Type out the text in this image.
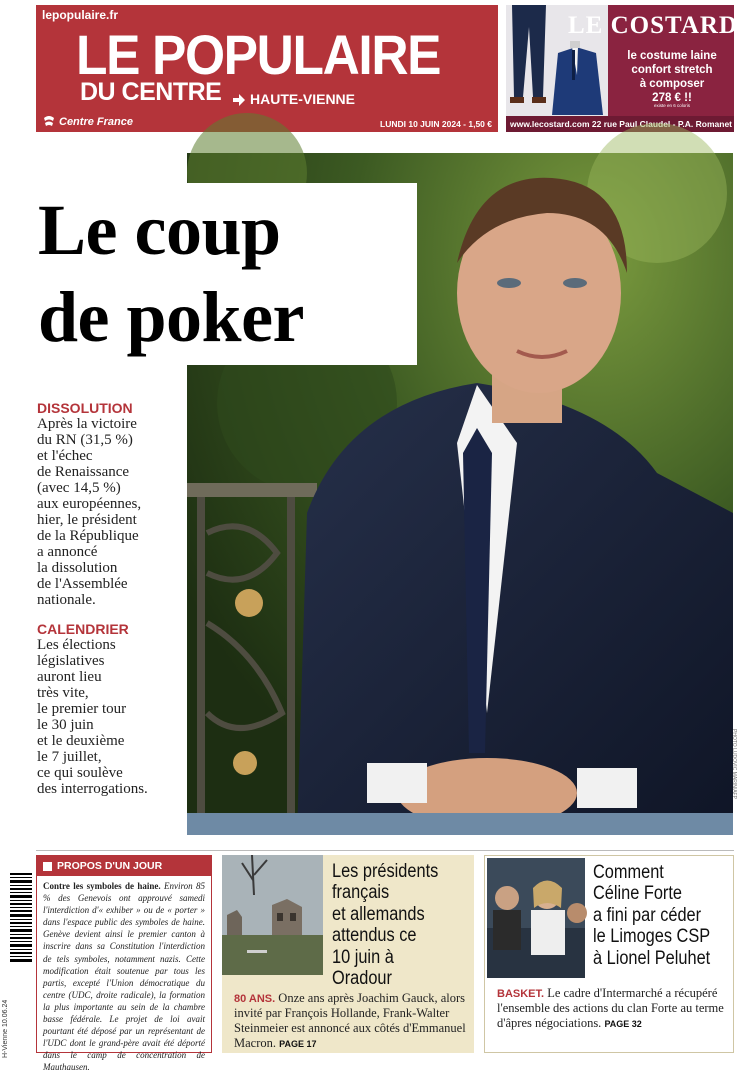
lepopulaire.fr
LE POPULAIRE
DU CENTRE HAUTE-VIENNE
Centre France	LUNDI 10 JUIN 2024 - 1,50 €
LE COSTARD
le costume laine
confort stretch
à composer
278 € !!
existe en 6 coloris
www.lecostard.com 22 rue Paul Claudel - P.A. Romanet
PHOTO LUDOVIC MARIN/AFP
Le coup
de poker
DISSOLUTION
Après la victoire
du RN (31,5 %)
et l'échec
de Renaissance
(avec 14,5 %)
aux européennes,
hier, le président
de la République
a annoncé
la dissolution
de l'Assemblée
nationale.
CALENDRIER
Les élections
législatives
auront lieu
très vite,
le premier tour
le 30 juin
et le deuxième
le 7 juillet,
ce qui soulève
des interrogations.
H-Vienne 10.06.24
PROPOS D'UN JOUR
Contre les symboles de haine. Environ 85 % des Genevois ont approuvé samedi l'interdiction d'« exhiber » ou de « porter » dans l'espace public des symboles de haine. Genève devient ainsi le premier canton à inscrire dans sa Constitution l'interdiction de tels symboles, notamment nazis. Cette modification était soutenue par tous les partis, excepté l'Union démocratique du centre (UDC, droite radicale), la formation la plus importante au sein de la chambre basse fédérale. Le projet de loi avait pourtant été déposé par un représentant de l'UDC dont le grand-père avait été déporté dans le camp de concentration de Mauthausen.
Les présidents
français
et allemands
attendus ce
10 juin à Oradour
80 ANS. Onze ans après Joachim Gauck, alors invité par François Hollande, Frank-Walter Steinmeier est annoncé aux côtés d'Emmanuel Macron. PAGE 17
Comment
Céline Forte
a fini par céder
le Limoges CSP
à Lionel Peluhet
BASKET. Le cadre d'Intermarché a récupéré l'ensemble des actions du clan Forte au terme d'âpres négociations. PAGE 32
